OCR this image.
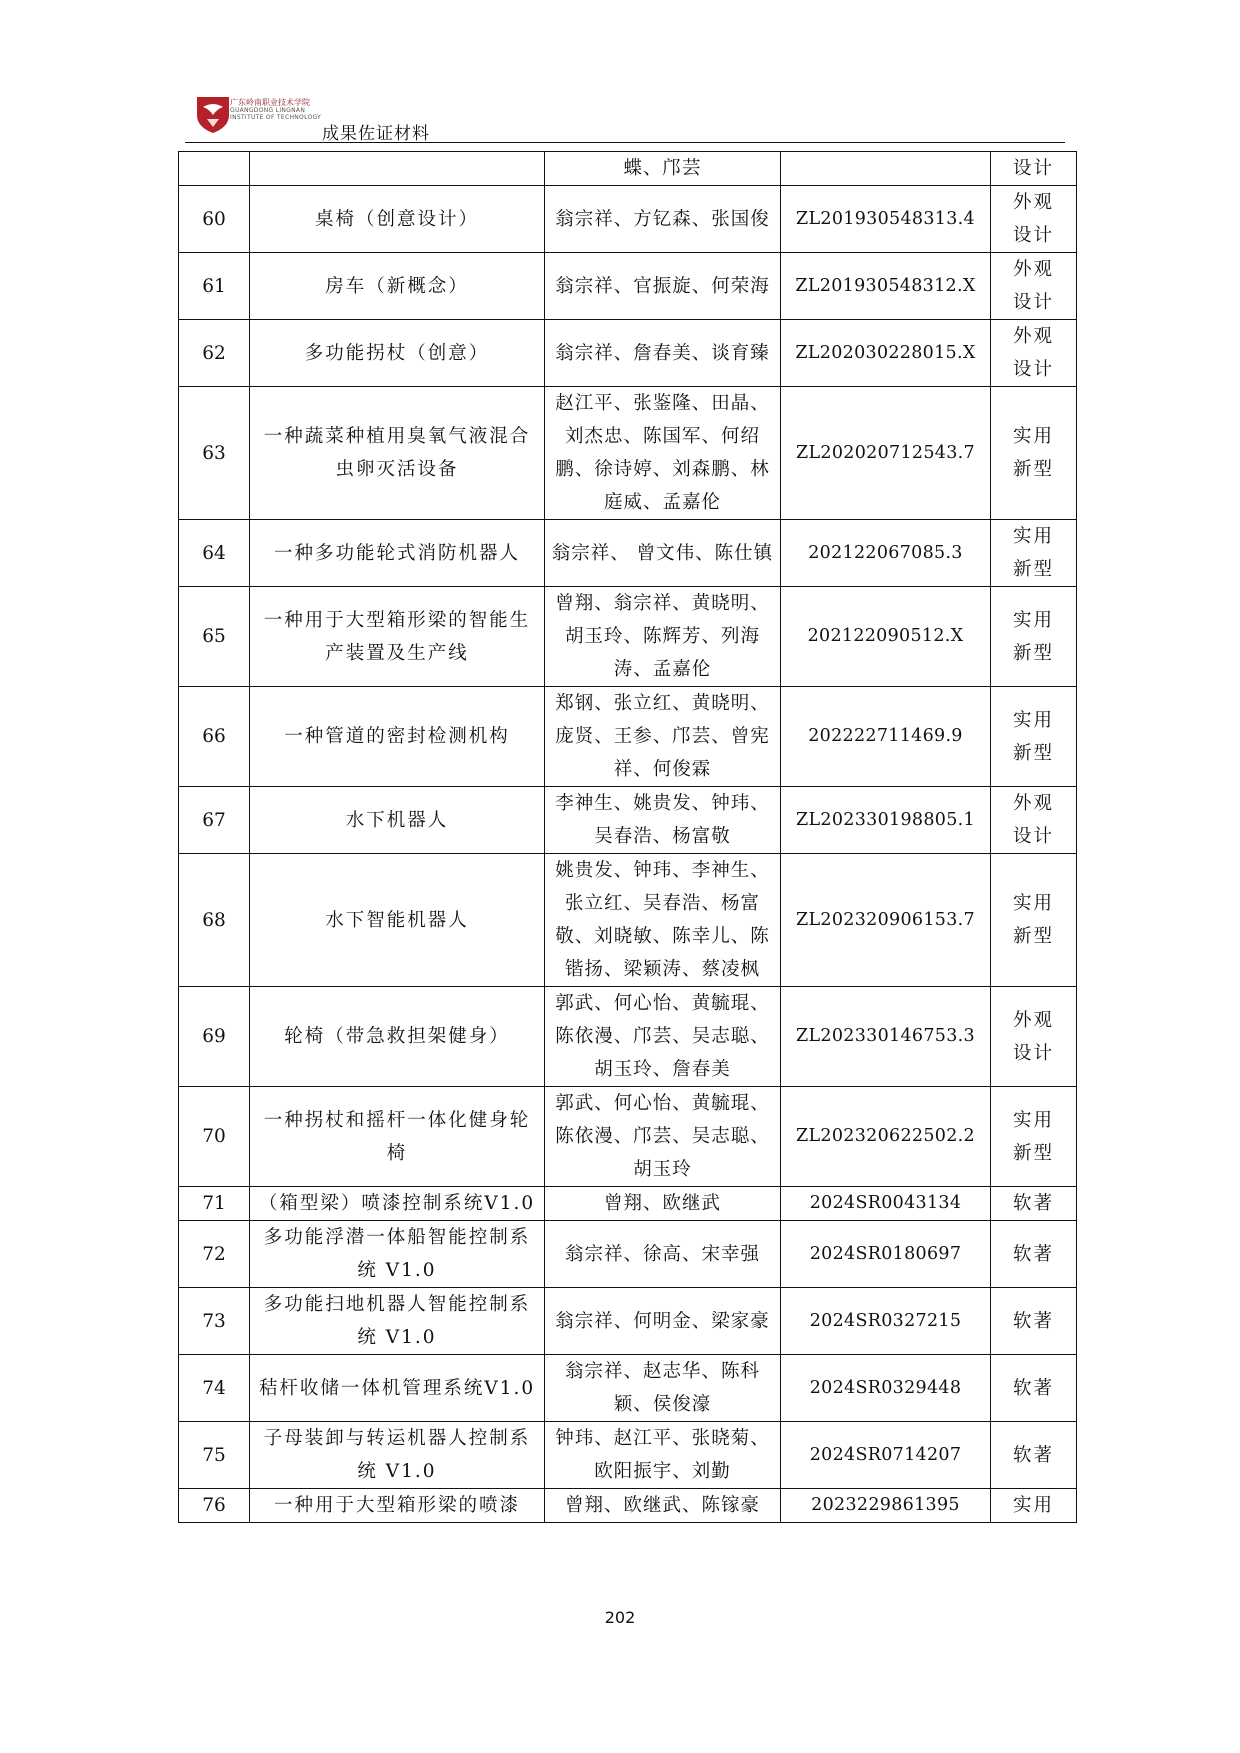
广东岭南职业技术学院
GUANGDONG LINGNAN
INSTITUTE OF TECHNOLOGY
成果佐证材料
		蝶、邝芸		设计
60	桌椅（创意设计）	翁宗祥、方钇森、张国俊	ZL201930548313.4	外观
设计
61	房车（新概念）	翁宗祥、官振旋、何荣海	ZL201930548312.X	外观
设计
62	多功能拐杖（创意）	翁宗祥、詹春美、谈育臻	ZL202030228015.X	外观
设计
63	一种蔬菜种植用臭氧气液混合虫卵灭活设备	赵江平、张鉴隆、田晶、刘杰忠、陈国军、何绍鹏、徐诗婷、刘森鹏、林庭威、孟嘉伦	ZL202020712543.7	实用
新型
64	一种多功能轮式消防机器人	翁宗祥、 曾文伟、陈仕镇	202122067085.3	实用
新型
65	一种用于大型箱形梁的智能生产装置及生产线	曾翔、翁宗祥、黄晓明、胡玉玲、陈辉芳、列海涛、孟嘉伦	202122090512.X	实用
新型
66	一种管道的密封检测机构	郑钢、张立红、黄晓明、庞贤、王参、邝芸、曾宪祥、何俊霖	202222711469.9	实用
新型
67	水下机器人	李神生、姚贵发、钟玮、吴春浩、杨富敬	ZL202330198805.1	外观
设计
68	水下智能机器人	姚贵发、钟玮、李神生、张立红、吴春浩、杨富敬、刘晓敏、陈幸儿、陈锴扬、梁颖涛、蔡凌枫	ZL202320906153.7	实用
新型
69	轮椅（带急救担架健身）	郭武、何心怡、黄毓琨、陈依漫、邝芸、吴志聪、胡玉玲、詹春美	ZL202330146753.3	外观
设计
70	一种拐杖和摇杆一体化健身轮椅	郭武、何心怡、黄毓琨、陈依漫、邝芸、吴志聪、胡玉玲	ZL202320622502.2	实用
新型
71	（箱型梁）喷漆控制系统V1.0	曾翔、欧继武	2024SR0043134	软著
72	多功能浮潜一体船智能控制系统 V1.0	翁宗祥、徐高、宋幸强	2024SR0180697	软著
73	多功能扫地机器人智能控制系统 V1.0	翁宗祥、何明金、梁家豪	2024SR0327215	软著
74	秸杆收储一体机管理系统V1.0	翁宗祥、赵志华、陈科颖、侯俊濠	2024SR0329448	软著
75	子母装卸与转运机器人控制系统 V1.0	钟玮、赵江平、张晓菊、欧阳振宇、刘勤	2024SR0714207	软著
76	一种用于大型箱形梁的喷漆	曾翔、欧继武、陈镓豪	2023229861395	实用
202
